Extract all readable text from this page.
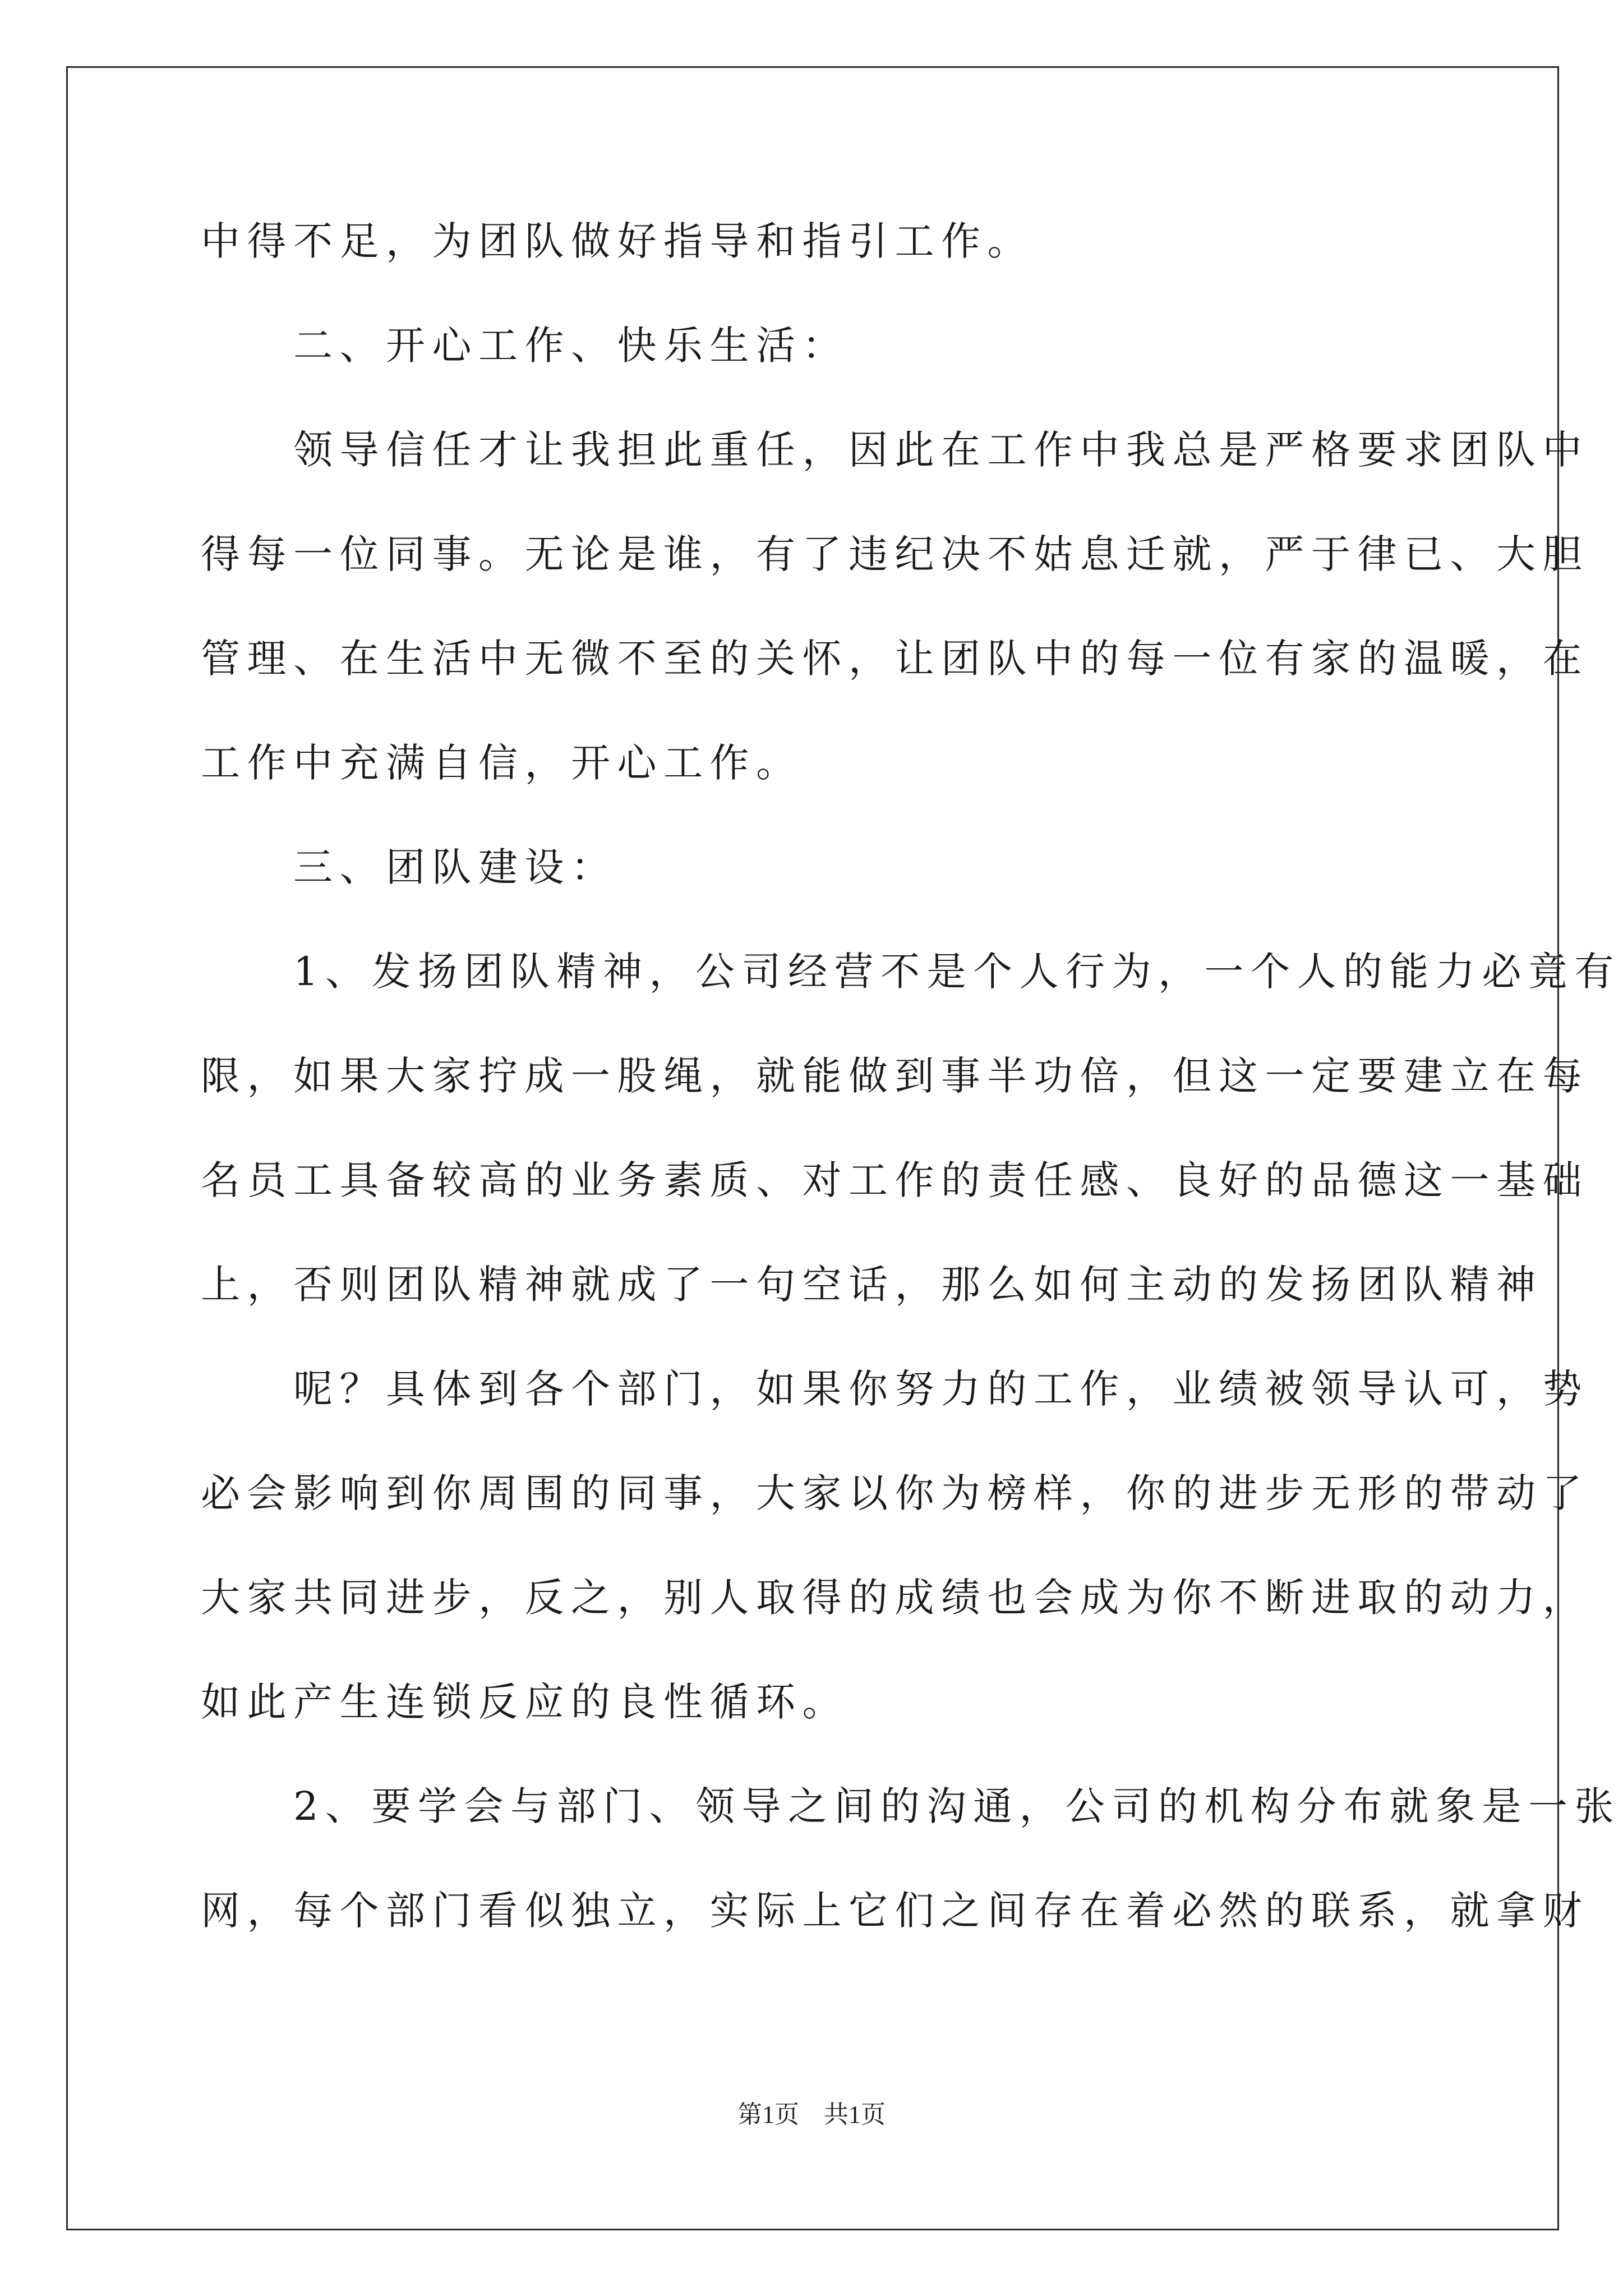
中得不足，为团队做好指导和指引工作。
　　二、开心工作、快乐生活：
　　领导信任才让我担此重任，因此在工作中我总是严格要求团队中
得每一位同事。无论是谁，有了违纪决不姑息迁就，严于律已、大胆
管理、在生活中无微不至的关怀，让团队中的每一位有家的温暖，在
工作中充满自信，开心工作。
　　三、团队建设：
　　1、发扬团队精神，公司经营不是个人行为，一个人的能力必竟有
限，如果大家拧成一股绳，就能做到事半功倍，但这一定要建立在每
名员工具备较高的业务素质、对工作的责任感、良好的品德这一基础
上，否则团队精神就成了一句空话，那么如何主动的发扬团队精神
　　呢？具体到各个部门，如果你努力的工作，业绩被领导认可，势
必会影响到你周围的同事，大家以你为榜样，你的进步无形的带动了
大家共同进步，反之，别人取得的成绩也会成为你不断进取的动力，
如此产生连锁反应的良性循环。
　　2、要学会与部门、领导之间的沟通，公司的机构分布就象是一张
网，每个部门看似独立，实际上它们之间存在着必然的联系，就拿财
第1页　共1页
